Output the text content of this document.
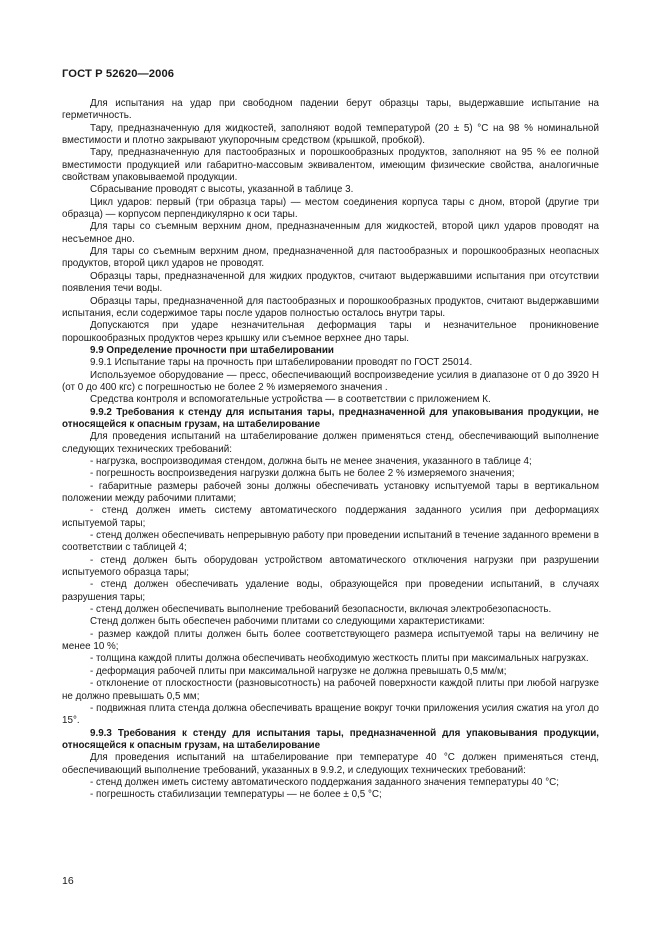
ГОСТ Р 52620—2006

Для испытания на удар при свободном падении берут образцы тары, выдержавшие испытание на герметичность.

Тару, предназначенную для жидкостей, заполняют водой температурой (20 ± 5) °С на 98 % номинальной вместимости и плотно закрывают укупорочным средством (крышкой, пробкой).

Тару, предназначенную для пастообразных и порошкообразных продуктов, заполняют на 95 % ее полной вместимости продукцией или габаритно-массовым эквивалентом, имеющим физические свойства, аналогичные свойствам упаковываемой продукции.

Сбрасывание проводят с высоты, указанной в таблице 3.

Цикл ударов: первый (три образца тары) — местом соединения корпуса тары с дном, второй (другие три образца) — корпусом перпендикулярно к оси тары.

Для тары со съемным верхним дном, предназначенным для жидкостей, второй цикл ударов проводят на несъемное дно.

Для тары со съемным верхним дном, предназначенной для пастообразных и порошкообразных неопасных продуктов, второй цикл ударов не проводят.

Образцы тары, предназначенной для жидких продуктов, считают выдержавшими испытания при отсутствии появления течи воды.

Образцы тары, предназначенной для пастообразных и порошкообразных продуктов, считают выдержавшими испытания, если содержимое тары после ударов полностью осталось внутри тары.

Допускаются при ударе незначительная деформация тары и незначительное проникновение порошкообразных продуктов через крышку или съемное верхнее дно тары.

9.9 Определение прочности при штабелировании

9.9.1 Испытание тары на прочность при штабелировании проводят по ГОСТ 25014.

Используемое оборудование — пресс, обеспечивающий воспроизведение усилия в диапазоне от 0 до 3920 Н (от 0 до 400 кгс) с погрешностью не более 2 % измеряемого значения .

Средства контроля и вспомогательные устройства — в соответствии с приложением К.

9.9.2 Требования к стенду для испытания тары, предназначенной для упаковывания продукции, не относящейся к опасным грузам, на штабелирование

Для проведения испытаний на штабелирование должен применяться стенд, обеспечивающий выполнение следующих технических требований:

- нагрузка, воспроизводимая стендом, должна быть не менее значения, указанного в таблице 4;

- погрешность воспроизведения нагрузки должна быть не более 2 % измеряемого значения;

- габаритные размеры рабочей зоны должны обеспечивать установку испытуемой тары в вертикальном положении между рабочими плитами;

- стенд должен иметь систему автоматического поддержания заданного усилия при деформациях испытуемой тары;

- стенд должен обеспечивать непрерывную работу при проведении испытаний в течение заданного времени в соответствии с таблицей 4;

- стенд должен быть оборудован устройством автоматического отключения нагрузки при разрушении испытуемого образца тары;

- стенд должен обеспечивать удаление воды, образующейся при проведении испытаний, в случаях разрушения тары;

- стенд должен обеспечивать выполнение требований безопасности, включая электробезопасность.

Стенд должен быть обеспечен рабочими плитами со следующими характеристиками:

- размер каждой плиты должен быть более соответствующего размера испытуемой тары на величину не менее 10 %;

- толщина каждой плиты должна обеспечивать необходимую жесткость плиты при максимальных нагрузках.

- деформация рабочей плиты при максимальной нагрузке не должна превышать 0,5 мм/м;

- отклонение от плоскостности (разновысотность) на рабочей поверхности каждой плиты при любой нагрузке не должно превышать 0,5 мм;

- подвижная плита стенда должна обеспечивать вращение вокруг точки приложения усилия сжатия на угол до 15°.

9.9.3 Требования к стенду для испытания тары, предназначенной для упаковывания продукции, относящейся к опасным грузам, на штабелирование

Для проведения испытаний на штабелирование при температуре 40 °С должен применяться стенд, обеспечивающий выполнение требований, указанных в 9.9.2, и следующих технических требований:

- стенд должен иметь систему автоматического поддержания заданного значения температуры 40 °С;

- погрешность стабилизации температуры — не более ± 0,5 °С;

16
